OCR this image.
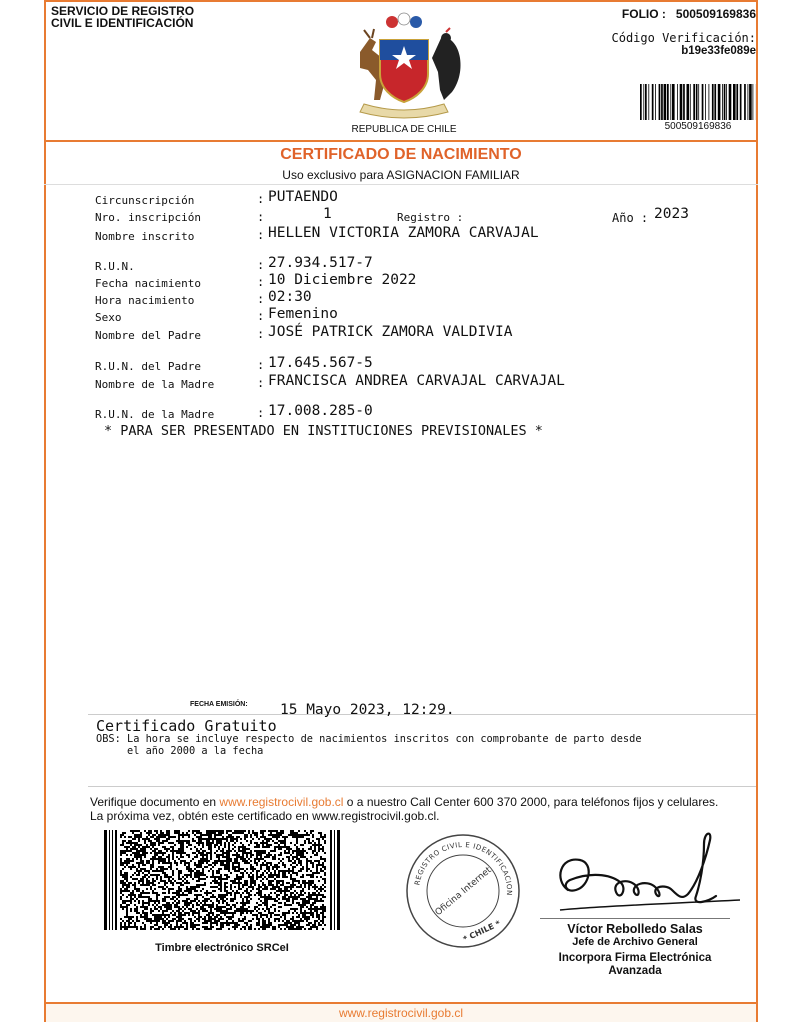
SERVICIO DE REGISTRO
CIVIL E IDENTIFICACIÓN
FOLIO : 500509169836
Código Verificación:
b19e33fe089e
500509169836
REPUBLICA DE CHILE
CERTIFICADO DE NACIMIENTO
Uso exclusivo para ASIGNACION FAMILIAR
Circunscripción	: PUTAENDO
Nro. inscripción	:	1	Registro :	Año : 2023
Nombre inscrito	: HELLEN VICTORIA ZAMORA CARVAJAL
R.U.N.	: 27.934.517-7
Fecha nacimiento	: 10 Diciembre 2022
Hora nacimiento	: 02:30
Sexo	: Femenino
Nombre del Padre	: JOSÉ PATRICK ZAMORA VALDIVIA
R.U.N. del Padre	: 17.645.567-5
Nombre de la Madre	: FRANCISCA ANDREA CARVAJAL CARVAJAL
R.U.N. de la Madre	: 17.008.285-0
* PARA SER PRESENTADO EN INSTITUCIONES PREVISIONALES *
FECHA EMISIÓN: 15 Mayo 2023, 12:29.
Certificado Gratuito
OBS: La hora se incluye respecto de nacimientos inscritos con comprobante de parto desde
el año 2000 a la fecha
Verifique documento en www.registrocivil.gob.cl o a nuestro Call Center 600 370 2000, para teléfonos fijos y celulares. La próxima vez, obtén este certificado en www.registrocivil.gob.cl.
Timbre electrónico SRCeI
REGISTRO CIVIL E IDENTIFICACION
Oficina Internet
* CHILE *	Víctor Rebolledo Salas
Jefe de Archivo General
Incorpora Firma Electrónica
Avanzada
www.registrocivil.gob.cl
